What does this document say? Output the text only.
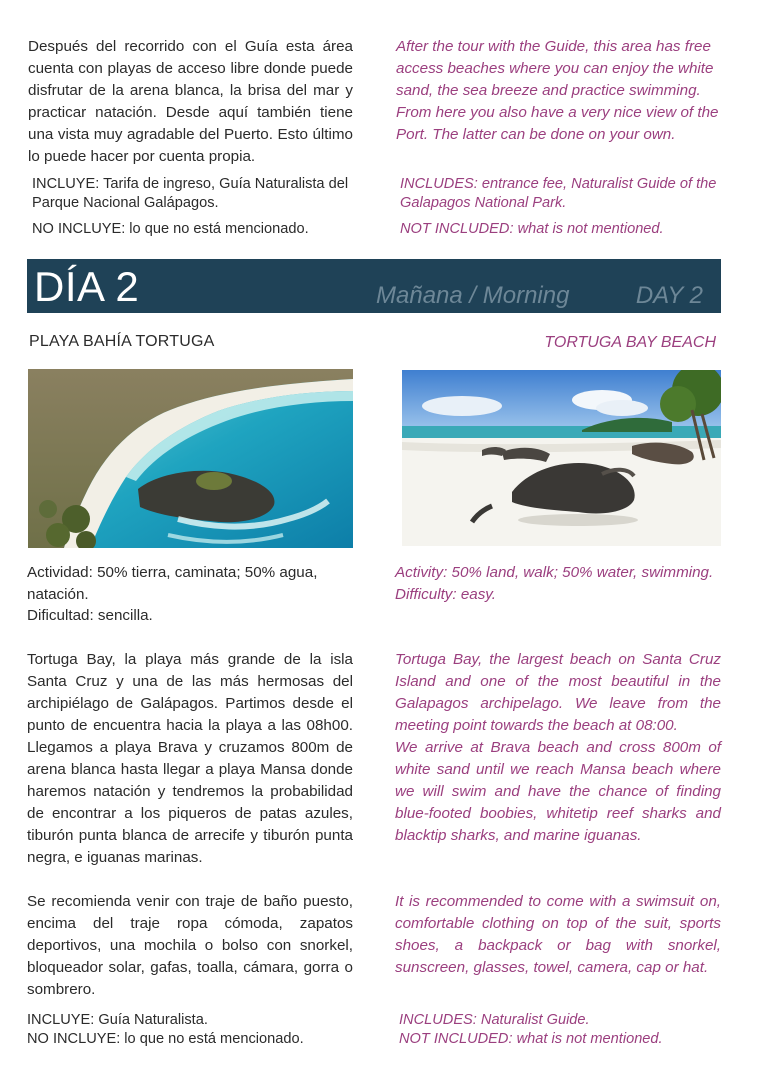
Después del recorrido con el Guía esta área cuenta con playas de acceso libre donde puede disfrutar de la arena blanca, la brisa del mar y practicar natación. Desde aquí también tiene una vista muy agradable del Puerto. Esto último lo puede hacer por cuenta propia.

After the tour with the Guide, this area has free access beaches where you can enjoy the white sand, the sea breeze and practice swimming. From here you also have a very nice view of the Port. The latter can be done on your own.

INCLUYE: Tarifa de ingreso, Guía Naturalista del Parque Nacional Galápagos.

NO INCLUYE: lo que no está mencionado.

INCLUDES: entrance fee, Naturalist Guide of the Galapagos National Park.

NOT INCLUDED: what is not mentioned.

DÍA 2	Mañana / Morning	DAY 2
PLAYA BAHÍA TORTUGA	TORTUGA BAY BEACH

Actividad: 50% tierra, caminata; 50% agua, natación.

Dificultad: sencilla.

Activity: 50% land, walk; 50% water, swimming.

Difficulty: easy.

Tortuga Bay, la playa más grande de la isla Santa Cruz y una de las más hermosas del archipiélago de Galápagos. Partimos desde el punto de encuentra hacia la playa a las 08h00. Llegamos a playa Brava y cruzamos 800m de arena blanca hasta llegar a playa Mansa donde haremos natación y tendremos la probabilidad de encontrar a los piqueros de patas azules, tiburón punta blanca de arrecife y tiburón punta negra, e iguanas marinas.

Tortuga Bay, the largest beach on Santa Cruz Island and one of the most beautiful in the Galapagos archipelago. We leave from the meeting point towards the beach at 08:00.

We arrive at Brava beach and cross 800m of white sand until we reach Mansa beach where we will swim and have the chance of finding blue-footed boobies, whitetip reef sharks and blacktip sharks, and marine iguanas.

Se recomienda venir con traje de baño puesto, encima del traje ropa cómoda, zapatos deportivos, una mochila o bolso con snorkel, bloqueador solar, gafas, toalla, cámara, gorra o sombrero.

It is recommended to come with a swimsuit on, comfortable clothing on top of the suit, sports shoes, a backpack or bag with snorkel, sunscreen, glasses, towel, camera, cap or hat.

INCLUYE: Guía Naturalista.

NO INCLUYE: lo que no está mencionado.

INCLUDES: Naturalist Guide.

NOT INCLUDED: what is not mentioned.
